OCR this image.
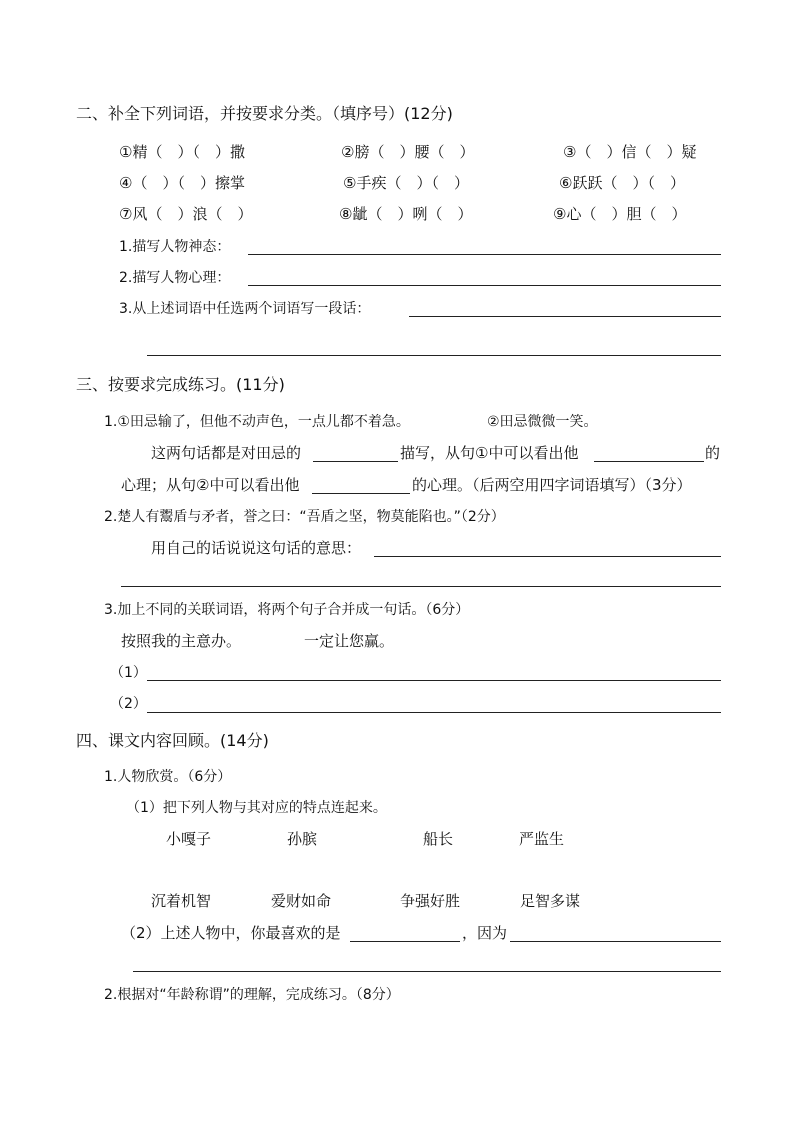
二、补全下列词语，并按要求分类。（填序号）(12分)
①精（　）（　）撒	②膀（　）腰（　）	③（　）信（　）疑
④（　）（　）擦掌	⑤手疾（　）（　）	⑥跃跃（　）（　）
⑦风（　）浪（　）	⑧龇（　）咧（　）	⑨心（　）胆（　）
1.描写人物神态：
2.描写人物心理：
3.从上述词语中任选两个词语写一段话：
三、按要求完成练习。(11分)
1.①田忌输了，但他不动声色，一点儿都不着急。	②田忌微微一笑。
这两句话都是对田忌的	描写，从句①中可以看出他	的
心理；从句②中可以看出他	的心理。（后两空用四字词语填写）（3分）
2.楚人有鬻盾与矛者，誉之曰：“吾盾之坚，物莫能陷也。”（2分）
用自己的话说说这句话的意思：
3.加上不同的关联词语，将两个句子合并成一句话。（6分）
按照我的主意办。	一定让您赢。
（1）
（2）
四、课文内容回顾。(14分)
1.人物欣赏。（6分）
（1）把下列人物与其对应的特点连起来。
小嘎子	孙膑	船长	严监生
沉着机智	爱财如命	争强好胜	足智多谋
（2）上述人物中，你最喜欢的是	，因为
2.根据对“年龄称谓”的理解，完成练习。（8分）
